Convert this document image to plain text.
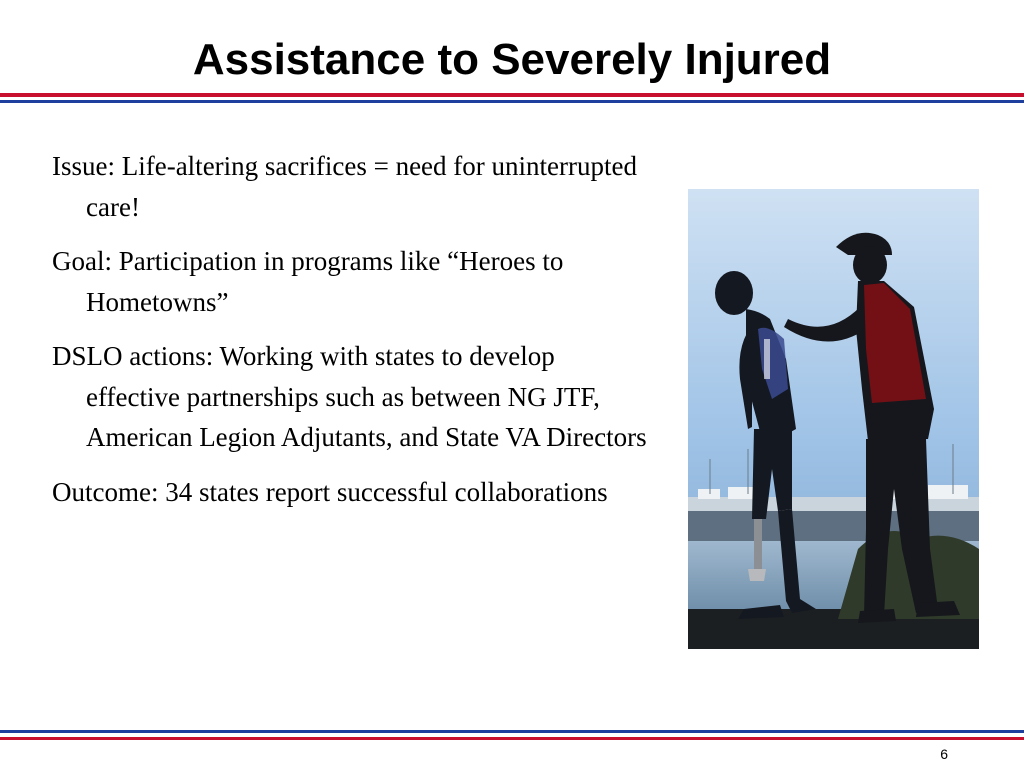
Assistance to Severely Injured
Issue: Life-altering sacrifices = need for uninterrupted care!
Goal: Participation in programs like “Heroes to Hometowns”
DSLO actions: Working with states to develop effective partnerships such as between NG JTF, American Legion Adjutants, and State VA Directors
Outcome: 34 states report successful collaborations
6
